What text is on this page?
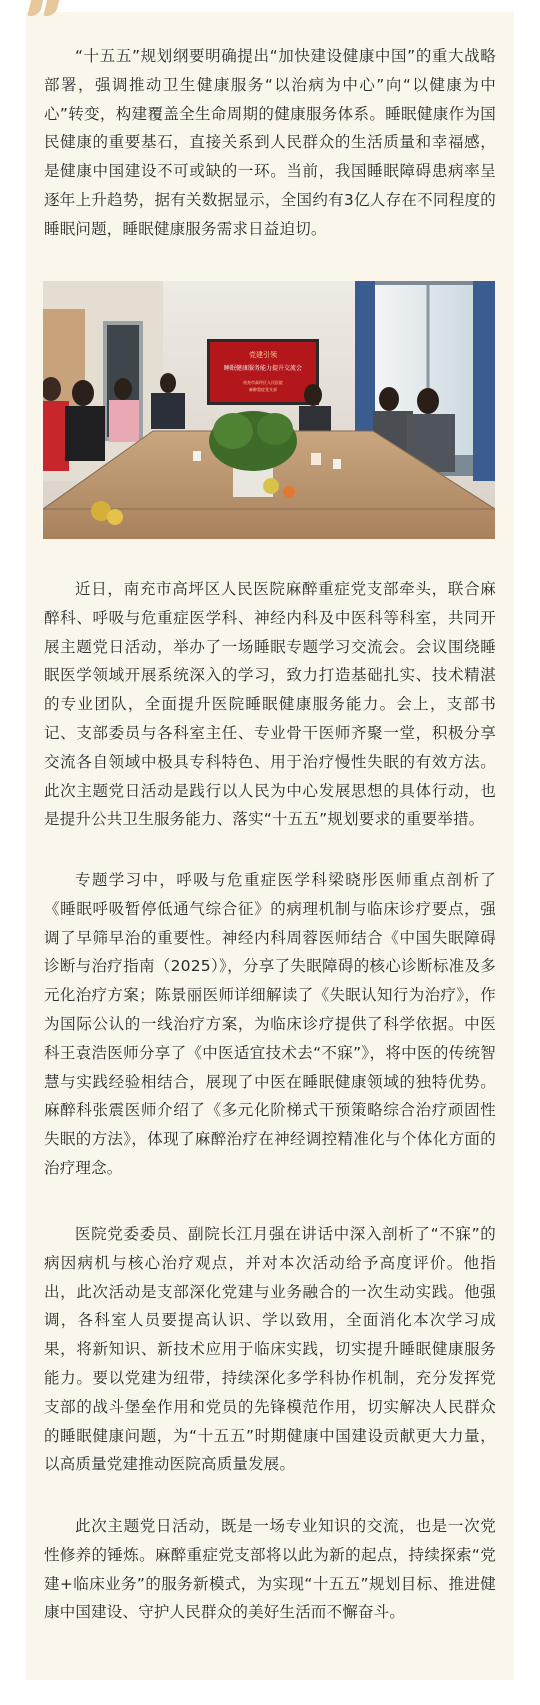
“十五五”规划纲要明确提出“加快建设健康中国”的重大战略部署，强调推动卫生健康服务“以治病为中心”向“以健康为中心”转变，构建覆盖全生命周期的健康服务体系。睡眠健康作为国民健康的重要基石，直接关系到人民群众的生活质量和幸福感，是健康中国建设不可或缺的一环。当前，我国睡眠障碍患病率呈逐年上升趋势，据有关数据显示，全国约有3亿人存在不同程度的睡眠问题，睡眠健康服务需求日益迫切。

近日，南充市高坪区人民医院麻醉重症党支部牵头，联合麻醉科、呼吸与危重症医学科、神经内科及中医科等科室，共同开展主题党日活动，举办了一场睡眠专题学习交流会。会议围绕睡眠医学领域开展系统深入的学习，致力打造基础扎实、技术精湛的专业团队，全面提升医院睡眠健康服务能力。会上，支部书记、支部委员与各科室主任、专业骨干医师齐聚一堂，积极分享交流各自领域中极具专科特色、用于治疗慢性失眠的有效方法。此次主题党日活动是践行以人民为中心发展思想的具体行动，也是提升公共卫生服务能力、落实“十五五”规划要求的重要举措。

专题学习中，呼吸与危重症医学科梁晓彤医师重点剖析了《睡眠呼吸暂停低通气综合征》的病理机制与临床诊疗要点，强调了早筛早治的重要性。神经内科周蓉医师结合《中国失眠障碍诊断与治疗指南（2025）》，分享了失眠障碍的核心诊断标准及多元化治疗方案；陈景丽医师详细解读了《失眠认知行为治疗》，作为国际公认的一线治疗方案，为临床诊疗提供了科学依据。中医科王袁浩医师分享了《中医适宜技术去“不寐”》，将中医的传统智慧与实践经验相结合，展现了中医在睡眠健康领域的独特优势。麻醉科张震医师介绍了《多元化阶梯式干预策略综合治疗顽固性失眠的方法》，体现了麻醉治疗在神经调控精准化与个体化方面的治疗理念。

医院党委委员、副院长江月强在讲话中深入剖析了“不寐”的病因病机与核心治疗观点，并对本次活动给予高度评价。他指出，此次活动是支部深化党建与业务融合的一次生动实践。他强调，各科室人员要提高认识、学以致用，全面消化本次学习成果，将新知识、新技术应用于临床实践，切实提升睡眠健康服务能力。要以党建为纽带，持续深化多学科协作机制，充分发挥党支部的战斗堡垒作用和党员的先锋模范作用，切实解决人民群众的睡眠健康问题，为“十五五”时期健康中国建设贡献更大力量，以高质量党建推动医院高质量发展。

此次主题党日活动，既是一场专业知识的交流，也是一次党性修养的锤炼。麻醉重症党支部将以此为新的起点，持续探索“党建+临床业务”的服务新模式，为实现“十五五”规划目标、推进健康中国建设、守护人民群众的美好生活而不懈奋斗。

党建引领
睡眠健康服务能力提升交流会
南充市高坪区人民医院
麻醉重症党支部
